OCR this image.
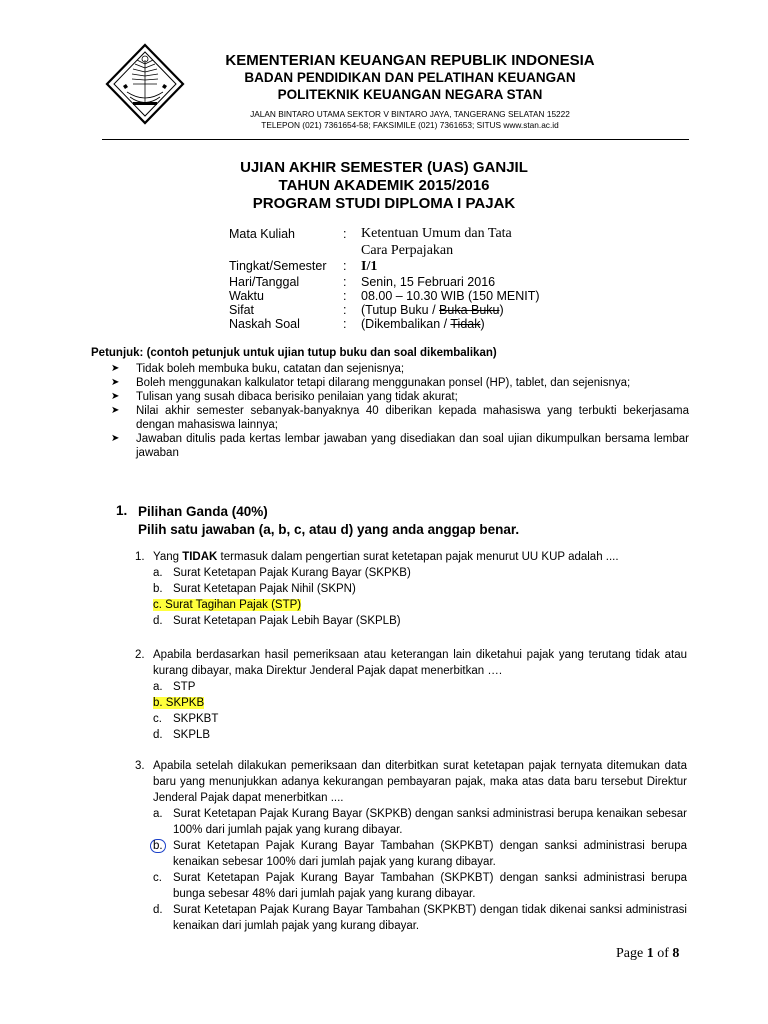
KEMENTERIAN KEUANGAN REPUBLIK INDONESIA
BADAN PENDIDIKAN DAN PELATIHAN KEUANGAN
POLITEKNIK KEUANGAN NEGARA STAN
JALAN BINTARO UTAMA SEKTOR V BINTARO JAYA, TANGERANG SELATAN 15222
TELEPON (021) 7361654-58; FAKSIMILE (021) 7361653; SITUS www.stan.ac.id
UJIAN AKHIR SEMESTER (UAS) GANJIL
TAHUN AKADEMIK 2015/2016
PROGRAM STUDI DIPLOMA I PAJAK
Mata Kuliah	: Ketentuan Umum dan Tata
Cara Perpajakan
Tingkat/Semester : I/1
Hari/Tanggal	: Senin, 15 Februari 2016
Waktu	: 08.00 – 10.30 WIB (150 MENIT)
Sifat	: (Tutup Buku / Buka Buku)
Naskah Soal	: (Dikembalikan / Tidak)
Petunjuk: (contoh petunjuk untuk ujian tutup buku dan soal dikembalikan)
➤ Tidak boleh membuka buku, catatan dan sejenisnya;
➤ Boleh menggunakan kalkulator tetapi dilarang menggunakan ponsel (HP), tablet, dan sejenisnya;
➤ Tulisan yang susah dibaca berisiko penilaian yang tidak akurat;
➤ Nilai akhir semester sebanyak-banyaknya 40 diberikan kepada mahasiswa yang terbukti bekerjasama dengan mahasiswa lainnya;
➤ Jawaban ditulis pada kertas lembar jawaban yang disediakan dan soal ujian dikumpulkan bersama lembar jawaban
1. Pilihan Ganda (40%)
Pilih satu jawaban (a, b, c, atau d) yang anda anggap benar.
1. Yang TIDAK termasuk dalam pengertian surat ketetapan pajak menurut UU KUP adalah ....
a. Surat Ketetapan Pajak Kurang Bayar (SKPKB)
b. Surat Ketetapan Pajak Nihil (SKPN)
c. Surat Tagihan Pajak (STP)
d. Surat Ketetapan Pajak Lebih Bayar (SKPLB)
2. Apabila berdasarkan hasil pemeriksaan atau keterangan lain diketahui pajak yang terutang tidak atau kurang dibayar, maka Direktur Jenderal Pajak dapat menerbitkan ….
a. STP
b. SKPKB
c. SKPKBT
d. SKPLB
3. Apabila setelah dilakukan pemeriksaan dan diterbitkan surat ketetapan pajak ternyata ditemukan data baru yang menunjukkan adanya kekurangan pembayaran pajak, maka atas data baru tersebut Direktur Jenderal Pajak dapat menerbitkan ....
a. Surat Ketetapan Pajak Kurang Bayar (SKPKB) dengan sanksi administrasi berupa kenaikan sebesar 100% dari jumlah pajak yang kurang dibayar.
b. Surat Ketetapan Pajak Kurang Bayar Tambahan (SKPKBT) dengan sanksi administrasi berupa kenaikan sebesar 100% dari jumlah pajak yang kurang dibayar.
c. Surat Ketetapan Pajak Kurang Bayar Tambahan (SKPKBT) dengan sanksi administrasi berupa bunga sebesar 48% dari jumlah pajak yang kurang dibayar.
d. Surat Ketetapan Pajak Kurang Bayar Tambahan (SKPKBT) dengan tidak dikenai sanksi administrasi kenaikan dari jumlah pajak yang kurang dibayar.
Page 1 of 8
